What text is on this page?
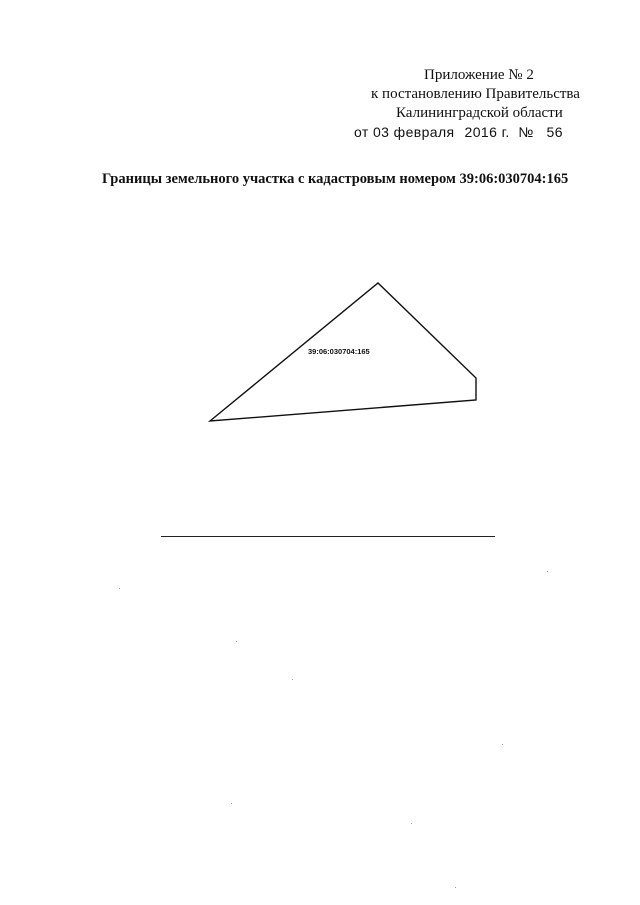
Приложение № 2
к постановлению Правительства
Калининградской области
от 03 февраля 2016 г. № 56
Границы земельного участка с кадастровым номером 39:06:030704:165
39:06:030704:165
